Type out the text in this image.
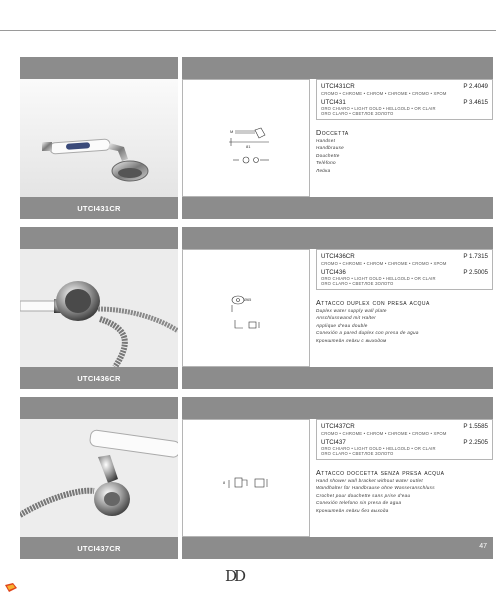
UTCI431CR
M
81
UTCI431CR	P 2.4049
CROMO • CHROME • CHROM • CHROME • CROMO • ХРОМ
UTCI431	P 3.4615
ORO CHIARO • LIGHT GOLD • HELLGOLD • OR CLAIR
ORO CLARO • СВЕТЛОЕ ЗОЛОТО
Doccetta
Handset
Handbrause
Douchette
Teléfono
Лейка
UTCI436CR
Ø65
UTCI436CR	P 1.7315
CROMO • CHROME • CHROM • CHROME • CROMO • ХРОМ
UTCI436	P 2.5005
ORO CHIARO • LIGHT GOLD • HELLGOLD • OR CLAIR
ORO CLARO • СВЕТЛОЕ ЗОЛОТО
Attacco duplex con presa acqua
Duplex water supply wall plate
Anschlusswand mit Halter
Applique d'eau double
Conexión a pared duplex con presa de agua
Кронштейн лейки с выходом
UTCI437CR
8
UTCI437CR	P 1.5585
CROMO • CHROME • CHROM • CHROME • CROMO • ХРОМ
UTCI437	P 2.2505
ORO CHIARO • LIGHT GOLD • HELLGOLD • OR CLAIR
ORO CLARO • СВЕТЛОЕ ЗОЛОТО
Attacco doccetta senza presa acqua
Hand shower wall bracket without water outlet
Wandhalter für Handbrause ohne Wasseranschluss
Crochet pour douchette sans prise d'eau
Conexión telefono sin presa de agua
Кронштейн лейки без выхода
47
DD
